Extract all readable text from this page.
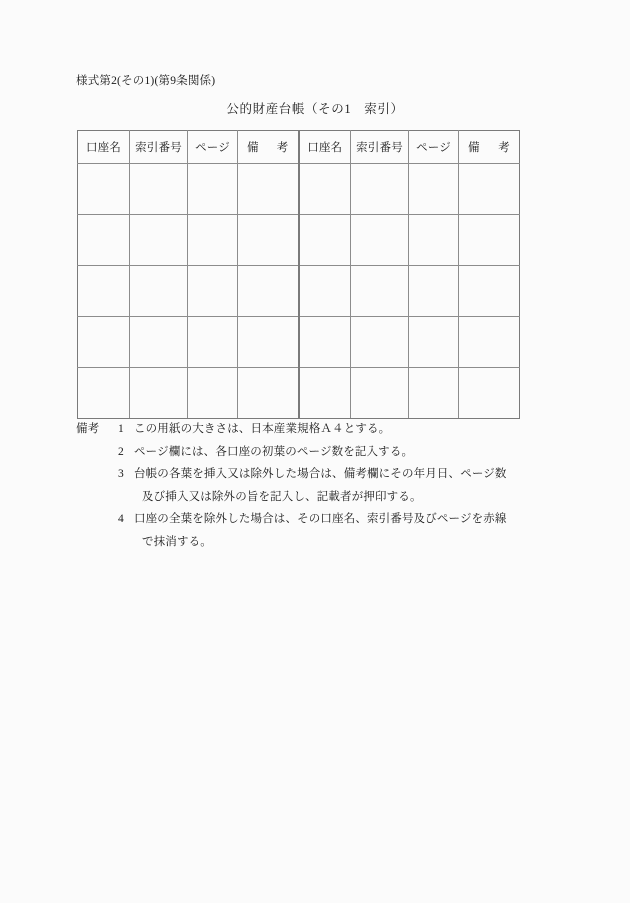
様式第2(その1)(第9条関係)
公的財産台帳（その1　索引）
口座名	索引番号	ページ	備 考	口座名	索引番号	ページ	備 考

備考	1 この用紙の大きさは、日本産業規格Ａ４とする。
2 ページ欄には、各口座の初葉のページ数を記入する。
3 台帳の各葉を挿入又は除外した場合は、備考欄にその年月日、ページ数
及び挿入又は除外の旨を記入し、記載者が押印する。
4 口座の全葉を除外した場合は、その口座名、索引番号及びページを赤線
で抹消する。
